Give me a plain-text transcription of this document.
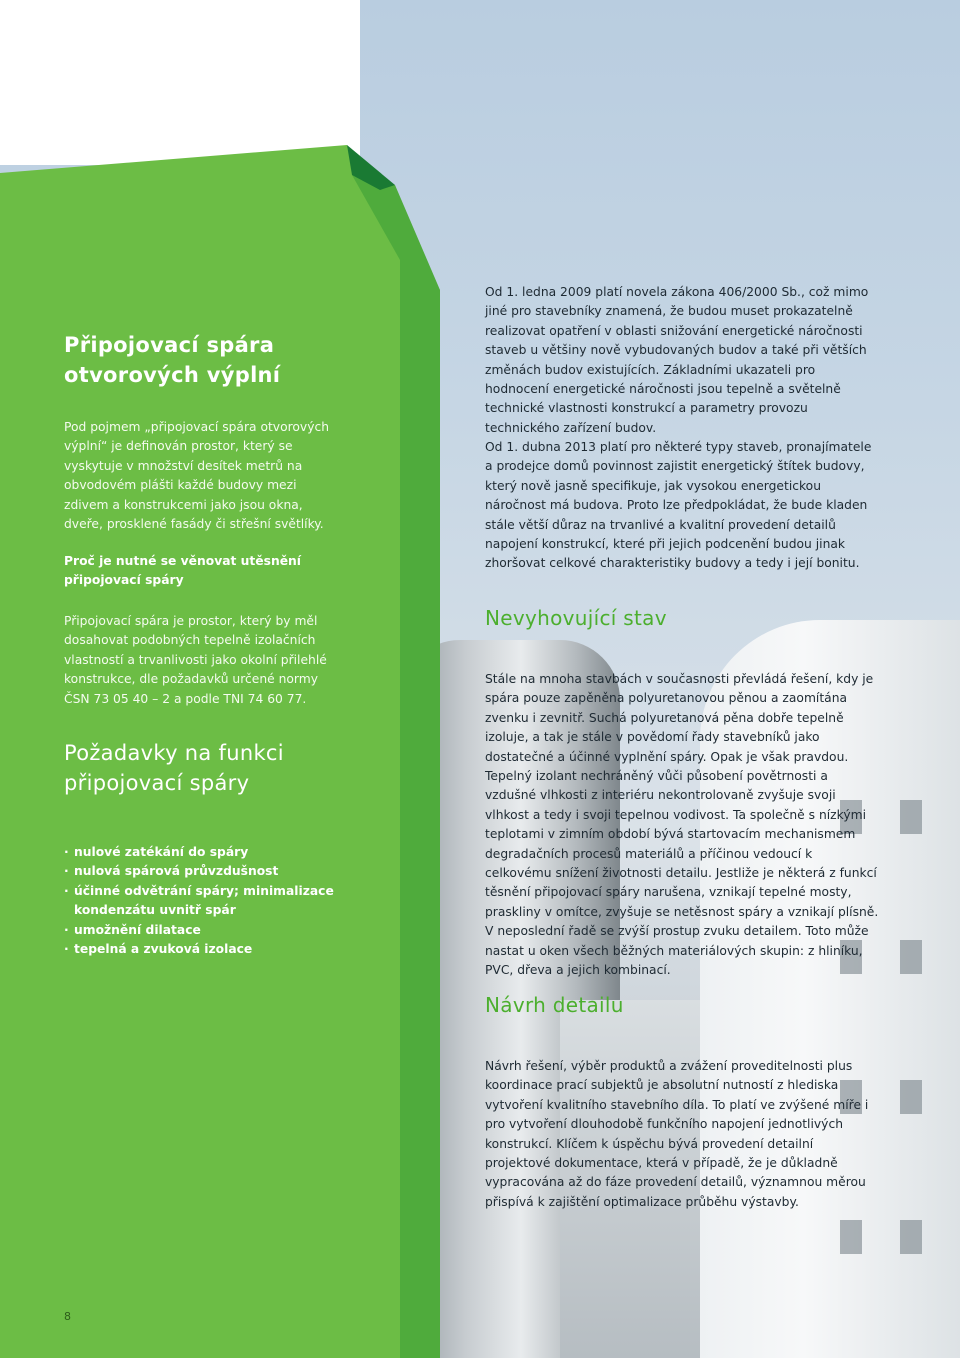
Připojovací spára otvorových výplní

Pod pojmem „připojovací spára otvorových výplní“ je definován prostor, který se vyskytuje v množství desítek metrů na obvodovém plášti každé budovy mezi zdivem a konstrukcemi jako jsou okna, dveře, prosklené fasády či střešní světlíky.

Proč je nutné se věnovat utěsnění připojovací spáry

Připojovací spára je prostor, který by měl dosahovat podobných tepelně izolačních vlastností a trvanlivosti jako okolní přilehlé konstrukce, dle požadavků určené normy ČSN 73 05 40 – 2 a podle TNI 74 60 77.

Požadavky na funkci připojovací spáry
· nulové zatékání do spáry
· nulová spárová průvzdušnost
· účinné odvětrání spáry; minimalizace kondenzátu uvnitř spár
· umožnění dilatace
· tepelná a zvuková izolace
8

Od 1. ledna 2009 platí novela zákona 406/2000 Sb., což mimo jiné pro stavebníky znamená, že budou muset prokazatelně realizovat opatření v oblasti snižování energetické náročnosti staveb u většiny nově vybudovaných budov a také při větších změnách budov existujících. Základními ukazateli pro hodnocení energetické náročnosti jsou tepelně a světelně technické vlastnosti konstrukcí a parametry provozu technického zařízení budov.

Od 1. dubna 2013 platí pro některé typy staveb, pronajímatele a prodejce domů povinnost zajistit energetický štítek budovy, který nově jasně specifikuje, jak vysokou energetickou náročnost má budova. Proto lze předpokládat, že bude kladen stále větší důraz na trvanlivé a kvalitní provedení detailů napojení konstrukcí, které při jejich podcenění budou jinak zhoršovat celkové charakteristiky budovy a tedy i její bonitu.

Nevyhovující stav

Stále na mnoha stavbách v současnosti převládá řešení, kdy je spára pouze zapěněna polyuretanovou pěnou a zaomítána zvenku i zevnitř. Suchá polyuretanová pěna dobře tepelně izoluje, a tak je stále v povědomí řady stavebníků jako dostatečné a účinné vyplnění spáry. Opak je však pravdou. Tepelný izolant nechráněný vůči působení povětrnosti a vzdušné vlhkosti z interiéru nekontrolovaně zvyšuje svoji vlhkost a tedy i svoji tepelnou vodivost. Ta společně s nízkými teplotami v zimním období bývá startovacím mechanismem degradačních procesů materiálů a příčinou vedoucí k celkovému snížení životnosti detailu. Jestliže je některá z funkcí těsnění připojovací spáry narušena, vznikají tepelné mosty, praskliny v omítce, zvyšuje se netěsnost spáry a vznikají plísně. V neposlední řadě se zvýší prostup zvuku detailem. Toto může nastat u oken všech běžných materiálových skupin: z hliníku, PVC, dřeva a jejich kombinací.

Návrh detailu

Návrh řešení, výběr produktů a zvážení proveditelnosti plus koordinace prací subjektů je absolutní nutností z hlediska vytvoření kvalitního stavebního díla. To platí ve zvýšené míře i pro vytvoření dlouhodobě funkčního napojení jednotlivých konstrukcí. Klíčem k úspěchu bývá provedení detailní projektové dokumentace, která v případě, že je důkladně vypracována až do fáze provedení detailů, významnou měrou přispívá k zajištění optimalizace průběhu výstavby.
